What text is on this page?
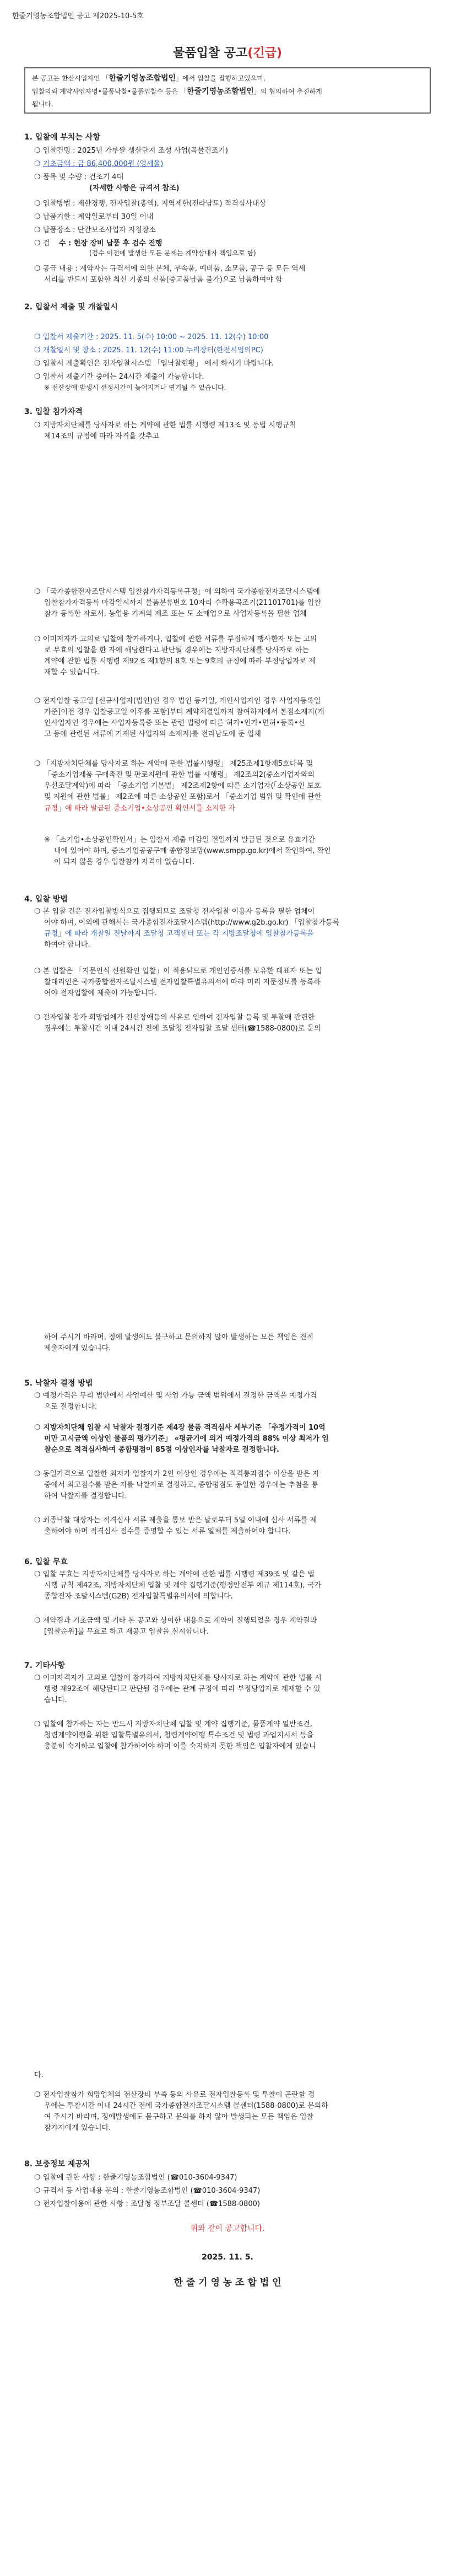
한줄기영농조합법인 공고 제2025-10-5호
물품입찰 공고(긴급)
본 공고는 한산시업자인 「한줄기영농조합법인」에서 입찰을 집행하고있으며,
입찰의뢰 계약사업자명•물품낙찰•물품입찰수 등은 「한줄기영농조합법인」의 협의하여 추진하게
됩니다.
1. 입찰에 부치는 사항
❍ 입찰건명 : 2025년 가루쌀 생산단지 조성 사업(곡물건조기)
❍ 기초금액 : 금 86,400,000원 (영세율)
❍ 품목 및 수량 : 건조기 4대
(자세한 사항은 규격서 참조)
❍ 입찰방법 : 제한경쟁, 전자입찰(총액), 지역제한(전라남도) 적격심사대상
❍ 납품기한 : 계약일로부터 30일 이내
❍ 납품장소 : 단간보조사업자 지정장소
❍ 검 수 : 현장 장비 납품 후 검수 진행
(검수 이전에 발생한 모든 문제는 계약상대자 책임으로 함)
❍ 공급 내용 : 계약자는 규격서에 의한 본체, 부속품, 예비품, 소모품, 공구 등 모든 역세
서리를 반드시 포함한 최신 기종의 신품(중고품납품 불가)으로 납품하여야 함
2. 입찰서 제출 및 개찰일시
❍ 입찰서 제출기간 : 2025. 11. 5(수) 10:00 ~ 2025. 11. 12(수) 10:00
❍ 개찰일시 및 장소 : 2025. 11. 12(수) 11:00 누리장터(한전시엄의PC)
❍ 입찰서 제출확인은 전자입찰시스템 「입낙찰현황」 에서 하시기 바랍니다.
❍ 입찰서 제출기간 중에는 24시간 제출이 가능합니다.
※ 전산장애 발생시 선정시간이 늦어지거나 연기될 수 있습니다.
3. 입찰 참가자격
❍ 지방자치단체를 당사자로 하는 계약에 관한 법률 시행령 제13조 및 동법 시행규칙
제14조의 규정에 따라 자격을 갖추고
❍ 「국가종합전자조달시스템 입찰참가자격등록규정」에 의하여 국가종합전자조달시스템에
입찰참가자격등록 마감일시까지 물품분류번호 10자리 수확용곡조기(21101701)를 입찰
참가 등록한 자로서, 농업용 기계의 제조 또는 도 소매업으로 사업자등록을 필한 업체
❍ 이미지자가 고의로 입찰에 참가하거나, 입찰에 관한 서류를 부정하게 행사한자 또는 고의
로 무효의 입찰을 한 자에 해당한다고 판단될 경우에는 지방자치단체를 당사자로 하는
계약에 관한 법률 시행령 제92조 제1항의 8호 또는 9호의 규정에 따라 부정당업자로 제
재할 수 있습니다.
❍ 전자입찰 공고일 [신규사업자(법인)인 경우 법인 등기일, 개인사업자인 경우 사업자등록일
가준]이전 경우 입찰공고일 이후를 포함]부터 계약체결일까지 참여하지에서 본점소재지(개
인사업자인 경우에는 사업자등록증 또는 관련 법령에 따른 허가•인가•면허•등록•신
고 등에 관련된 서류에 기재된 사업자의 소재지)를 전라남도에 둔 업체
❍ 「지방자치단체를 당사자로 하는 계약에 관한 법률시행령」 제25조제1항제5호다목 및
「중소기업제품 구매촉진 및 판로지원에 관한 법률 시행령」 제2조의2(중소기업자와의
우선조달계약)에 따라 「중소기업 기본법」 제2조제2항에 따른 소기업자(「소상공인 보호
및 지원에 관한 법률」 제2조에 따른 소상공인 포함)로서 「중소기업 범위 및 확인에 관한
규정」에 따라 발급된 중소기업•소상공인 확인서를 소지한 자
※ 「소기업•소상공인확인서」는 입찰서 제출 마감일 전일까지 발급된 것으로 유효기간
내에 있어야 하며, 중소기업공공구매 종합정보망(www.smpp.go.kr)에서 확인하여, 확인
이 되지 않을 경우 입찰참가 자격이 없습니다.
4. 입찰 방법
❍ 본 입찰 건은 전자입찰방식으로 집행되므로 조달청 전자입찰 이용자 등록을 필한 업체이
어야 하며, 이외에 관해서는 국가종합전자조달시스템(http://www.g2b.go.kr) 「입찰참가등록
규정」에 따라 개찰일 전날까지 조달청 고객센터 또는 각 지방조달청에 입찰참가등록을
하여야 합니다.
❍ 본 입찰은 「지문인식 신원확인 입찰」이 적용되므로 개인인증서를 보유한 대표자 또는 입
찰대리인은 국가종합전자조달시스템 전자입찰특별유의서에 따라 미리 지문정보를 등록하
여야 전자입찰에 제출이 가능합니다.
❍ 전자입찰 참가 희망업체가 전산장애등의 사유로 인하여 전자입찰 등록 및 투찰에 관련한
경우에는 투찰시간 이내 24시간 전에 조달청 전자입찰 조달 센터(☎1588-0800)로 문의
하여 주시기 바라며, 정에 발생에도 불구하고 문의하지 않아 발생하는 모든 책임은 견적
제출자에게 있습니다.
5. 낙찰자 결정 방법
❍ 예정가격은 무리 법안에서 사업예산 및 사업 가능 금액 범위에서 결정한 금액을 예정가격
으로 결정합니다.
❍ 지방자치단체 입찰 시 낙찰자 결정기준 제4장 물품 적격심사 세부기준 「추정가격이 10억
미만 고시금액 이상인 물품의 평가기준」 «평균기에 의거 예정가격의 88% 이상 최저가 입
찰순으로 적격심사하여 종합평점이 85점 이상인자를 낙찰자로 결정합니다.
❍ 동일가격으로 입찰한 최저가 입찰자가 2인 이상인 경우에는 적격통과점수 이상을 받은 자
중에서 최고점수를 받은 자를 낙찰자로 결정하고, 종합평점도 동일한 경우에는 추첨을 통
하여 낙찰자를 결정합니다.
❍ 최종낙찰 대상자는 적격심사 서류 제출을 통보 받은 날로부터 5일 이내에 심사 서류를 제
출하여야 하며 적격심사 점수를 증명할 수 있는 서류 일체를 제출하여야 합니다.
6. 입찰 무효
❍ 입찰 무효는 지방자치단체를 당사자로 하는 계약에 관한 법률 시행령 제39조 및 같은 법
시행 규칙 제42조, 지방자치단체 입찰 및 계약 집행기준(행정안전부 예규 제114호), 국가
종합전자 조달시스템(G2B) 전자입찰특별유의서에 의합니다.
❍ 계약결과 기초금액 및 기타 본 공고와 상이한 내용으로 계약이 진행되었을 경우 계약결과
[입찰순위]를 무효로 하고 재공고 입찰을 실시합니다.
7. 기타사항
❍ 이미자격자가 고의로 입찰에 참가하여 지방자치단체를 당사자로 하는 계약에 관한 법률 시
행령 제92조에 해당된다고 판단될 경우에는 관계 규정에 따라 부정당업자로 제재할 수 있
습니다.
❍ 입찰에 참가하는 자는 반드시 지방자치단체 입찰 및 계약 집행기준, 물품계약 일반조건,
청렴계약이행을 위한 입찰특별유의서, 청렴계약이행 특수조건 및 법령 과업지시서 등을
충분히 숙지하고 입찰에 참가하여야 하며 이를 숙지하지 못한 책임은 입찰자에게 있습니
다.
❍ 전자입찰참가 희망업체의 전산장비 부족 등의 사유로 전자입찰등록 및 투찰이 곤란할 경
우에는 투찰시간 이내 24시간 전에 국가종합전자조달시스템 콜센터(1588-0800)로 문의하
여 주시기 바라며, 정에발생에도 불구하고 문의를 하지 않아 발생되는 모든 책임은 입찰
참가자에게 있습니다.
8. 보충정보 제공처
❍ 입찰에 관한 사항 : 한줄기영농조합법인 (☎010-3604-9347)
❍ 규격서 등 사업내용 문의 : 한줄기영농조합법인 (☎010-3604-9347)
❍ 전자입찰이용에 관한 사항 : 조달청 정부조달 콜센터 (☎1588-0800)
위와 같이 공고합니다.
2025. 11. 5.
한 줄 기 영 농 조 합 법 인
